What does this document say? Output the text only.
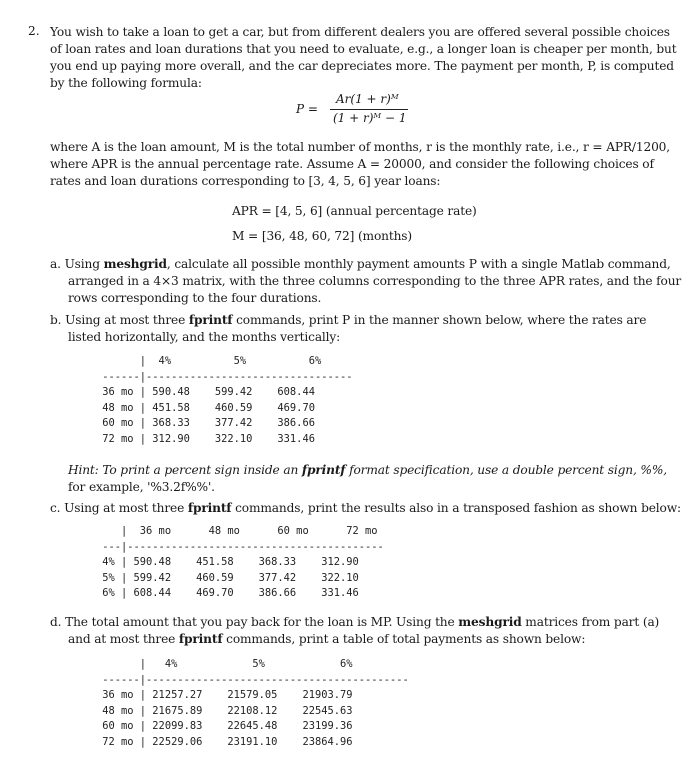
2. You wish to take a loan to get a car, but from different dealers you are offered several possible choices
of loan rates and loan durations that you need to evaluate, e.g., a longer loan is cheaper per month, but
you end up paying more overall, and the car depreciates more. The payment per month, P, is computed
by the following formula:
P =
Ar(1 + r)ᴹ
(1 + r)ᴹ − 1
where A is the loan amount, M is the total number of months, r is the monthly rate, i.e., r = APR/1200,
where APR is the annual percentage rate. Assume A = 20000, and consider the following choices of
rates and loan durations corresponding to [3, 4, 5, 6] year loans:
APR = [4, 5, 6] (annual percentage rate)
M = [36, 48, 60, 72] (months)
a. Using meshgrid, calculate all possible monthly payment amounts P with a single Matlab command,
arranged in a 4×3 matrix, with the three columns corresponding to the three APR rates, and the four
rows corresponding to the four durations.
b. Using at most three fprintf commands, print P in the manner shown below, where the rates are
listed horizontally, and the months vertically:
|  4%          5%          6%
------|---------------------------------
36 mo | 590.48    599.42    608.44
48 mo | 451.58    460.59    469.70
60 mo | 368.33    377.42    386.66
72 mo | 312.90    322.10    331.46
Hint: To print a percent sign inside an fprintf format specification, use a double percent sign, %%,
for example, '%3.2f%%'.
c. Using at most three fprintf commands, print the results also in a transposed fashion as shown below:
|  36 mo      48 mo      60 mo      72 mo
---|-----------------------------------------
4% | 590.48    451.58    368.33    312.90
5% | 599.42    460.59    377.42    322.10
6% | 608.44    469.70    386.66    331.46
d. The total amount that you pay back for the loan is MP. Using the meshgrid matrices from part (a)
and at most three fprintf commands, print a table of total payments as shown below:
|   4%            5%            6%
------|------------------------------------------
36 mo | 21257.27    21579.05    21903.79
48 mo | 21675.89    22108.12    22545.63
60 mo | 22099.83    22645.48    23199.36
72 mo | 22529.06    23191.10    23864.96
